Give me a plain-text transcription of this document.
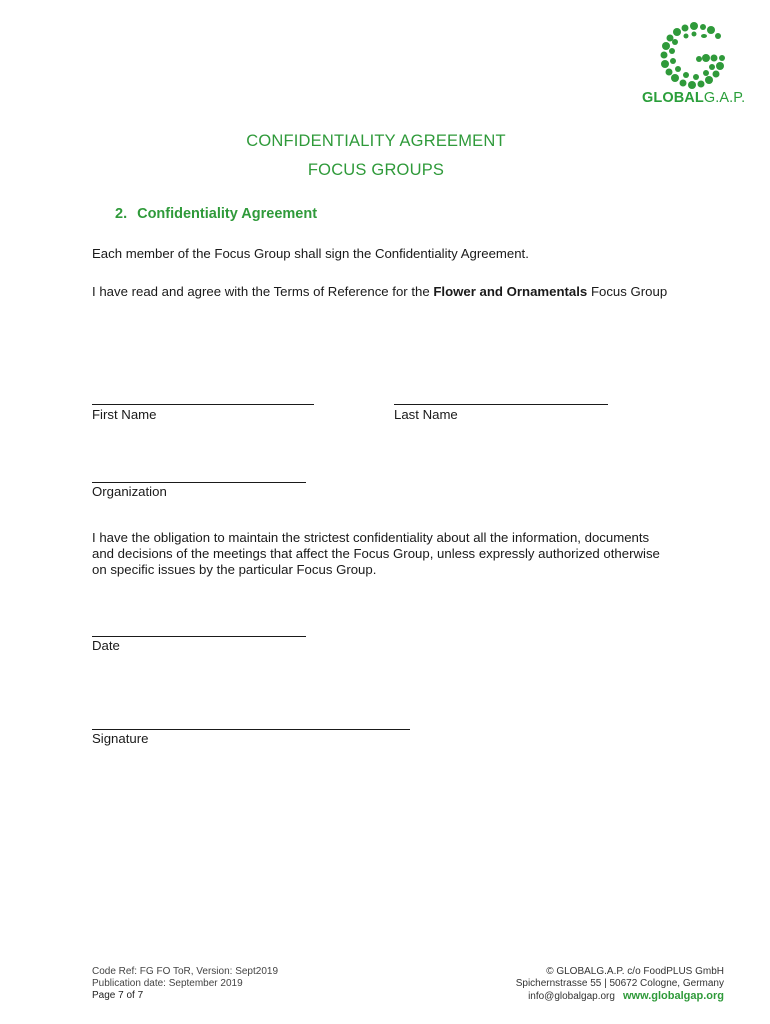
GLOBALG.A.P.
CONFIDENTIALITY AGREEMENT
FOCUS GROUPS
2. Confidentiality Agreement
Each member of the Focus Group shall sign the Confidentiality Agreement.
I have read and agree with the Terms of Reference for the Flower and Ornamentals Focus Group
First Name	Last Name
Organization
I have the obligation to maintain the strictest confidentiality about all the information, documents and decisions of the meetings that affect the Focus Group, unless expressly authorized otherwise on specific issues by the particular Focus Group.
Date
Signature
Code Ref: FG FO ToR, Version: Sept2019
Publication date: September 2019
Page 7 of 7
© GLOBALG.A.P. c/o FoodPLUS GmbH
Spichernstrasse 55 | 50672 Cologne, Germany
info@globalgap.org www.globalgap.org
